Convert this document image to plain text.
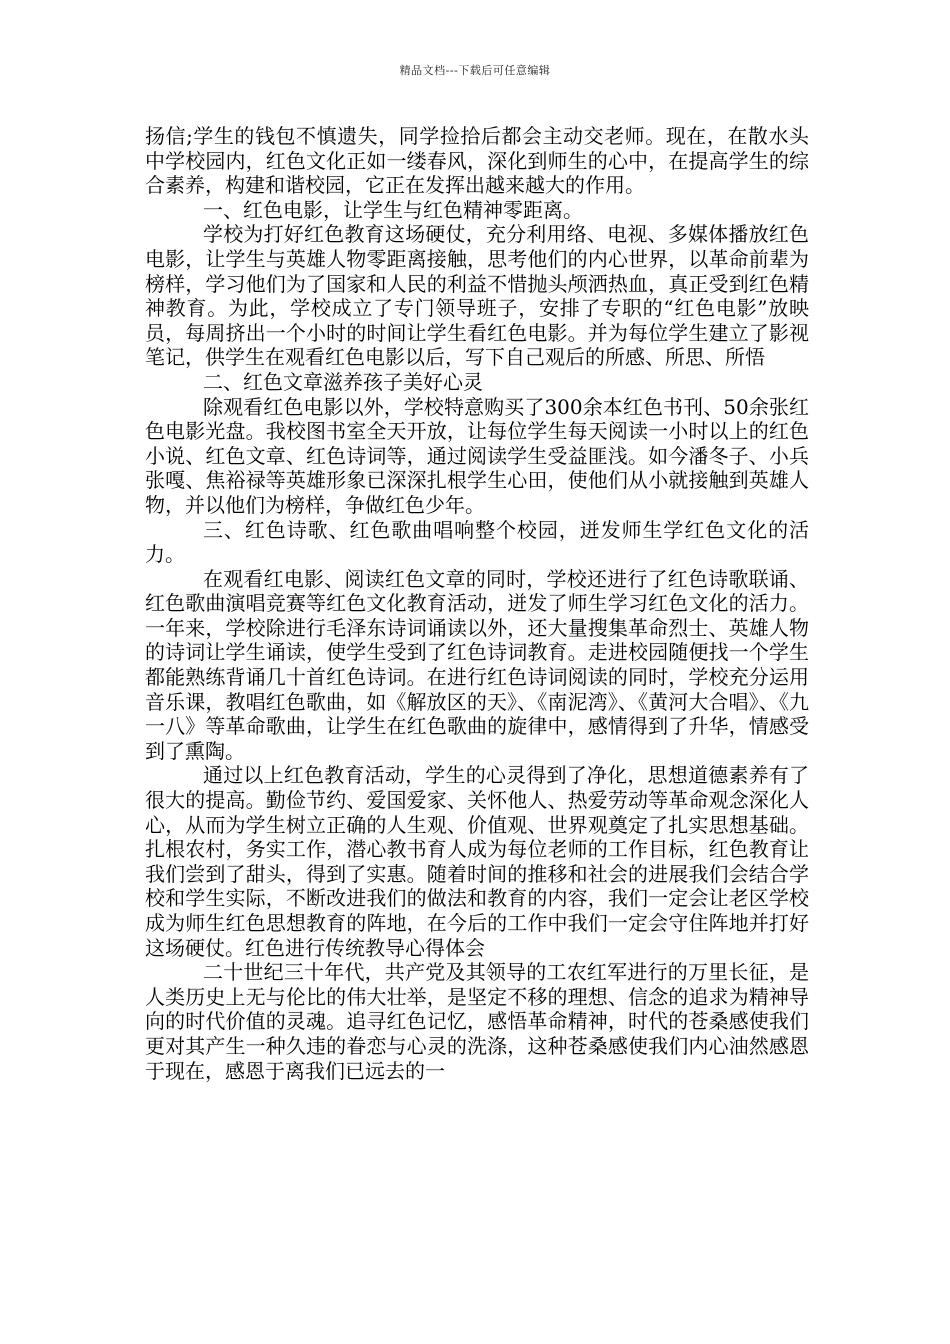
精品文档---下载后可任意编辑

扬信;学生的钱包不慎遗失，同学捡拾后都会主动交老师。现在，在散水头中学校园内，红色文化正如一缕春风，深化到师生的心中，在提高学生的综合素养，构建和谐校园，它正在发挥出越来越大的作用。

一、红色电影，让学生与红色精神零距离。

学校为打好红色教育这场硬仗，充分利用络、电视、多媒体播放红色电影，让学生与英雄人物零距离接触，思考他们的内心世界，以革命前辈为榜样，学习他们为了国家和人民的利益不惜抛头颅洒热血，真正受到红色精神教育。为此，学校成立了专门领导班子，安排了专职的“红色电影”放映员，每周挤出一个小时的时间让学生看红色电影。并为每位学生建立了影视笔记，供学生在观看红色电影以后，写下自己观后的所感、所思、所悟

二、红色文章滋养孩子美好心灵

除观看红色电影以外，学校特意购买了300余本红色书刊、50余张红色电影光盘。我校图书室全天开放，让每位学生每天阅读一小时以上的红色小说、红色文章、红色诗词等，通过阅读学生受益匪浅。如今潘冬子、小兵张嘎、焦裕禄等英雄形象已深深扎根学生心田，使他们从小就接触到英雄人物，并以他们为榜样，争做红色少年。

三、红色诗歌、红色歌曲唱响整个校园，迸发师生学红色文化的活力。

在观看红电影、阅读红色文章的同时，学校还进行了红色诗歌联诵、红色歌曲演唱竞赛等红色文化教育活动，迸发了师生学习红色文化的活力。一年来，学校除进行毛泽东诗词诵读以外，还大量搜集革命烈士、英雄人物的诗词让学生诵读，使学生受到了红色诗词教育。走进校园随便找一个学生都能熟练背诵几十首红色诗词。在进行红色诗词阅读的同时，学校充分运用音乐课，教唱红色歌曲，如《解放区的天》、《南泥湾》、《黄河大合唱》、《九一八》等革命歌曲，让学生在红色歌曲的旋律中，感情得到了升华，情感受到了熏陶。

通过以上红色教育活动，学生的心灵得到了净化，思想道德素养有了很大的提高。勤俭节约、爱国爱家、关怀他人、热爱劳动等革命观念深化人心，从而为学生树立正确的人生观、价值观、世界观奠定了扎实思想基础。扎根农村，务实工作，潜心教书育人成为每位老师的工作目标，红色教育让我们尝到了甜头，得到了实惠。随着时间的推移和社会的进展我们会结合学校和学生实际，不断改进我们的做法和教育的内容，我们一定会让老区学校成为师生红色思想教育的阵地，在今后的工作中我们一定会守住阵地并打好这场硬仗。红色进行传统教导心得体会

二十世纪三十年代，共产党及其领导的工农红军进行的万里长征，是人类历史上无与伦比的伟大壮举，是坚定不移的理想、信念的追求为精神导向的时代价值的灵魂。追寻红色记忆，感悟革命精神，时代的苍桑感使我们更对其产生一种久违的眷恋与心灵的洗涤，这种苍桑感使我们内心油然感恩于现在，感恩于离我们已远去的一
